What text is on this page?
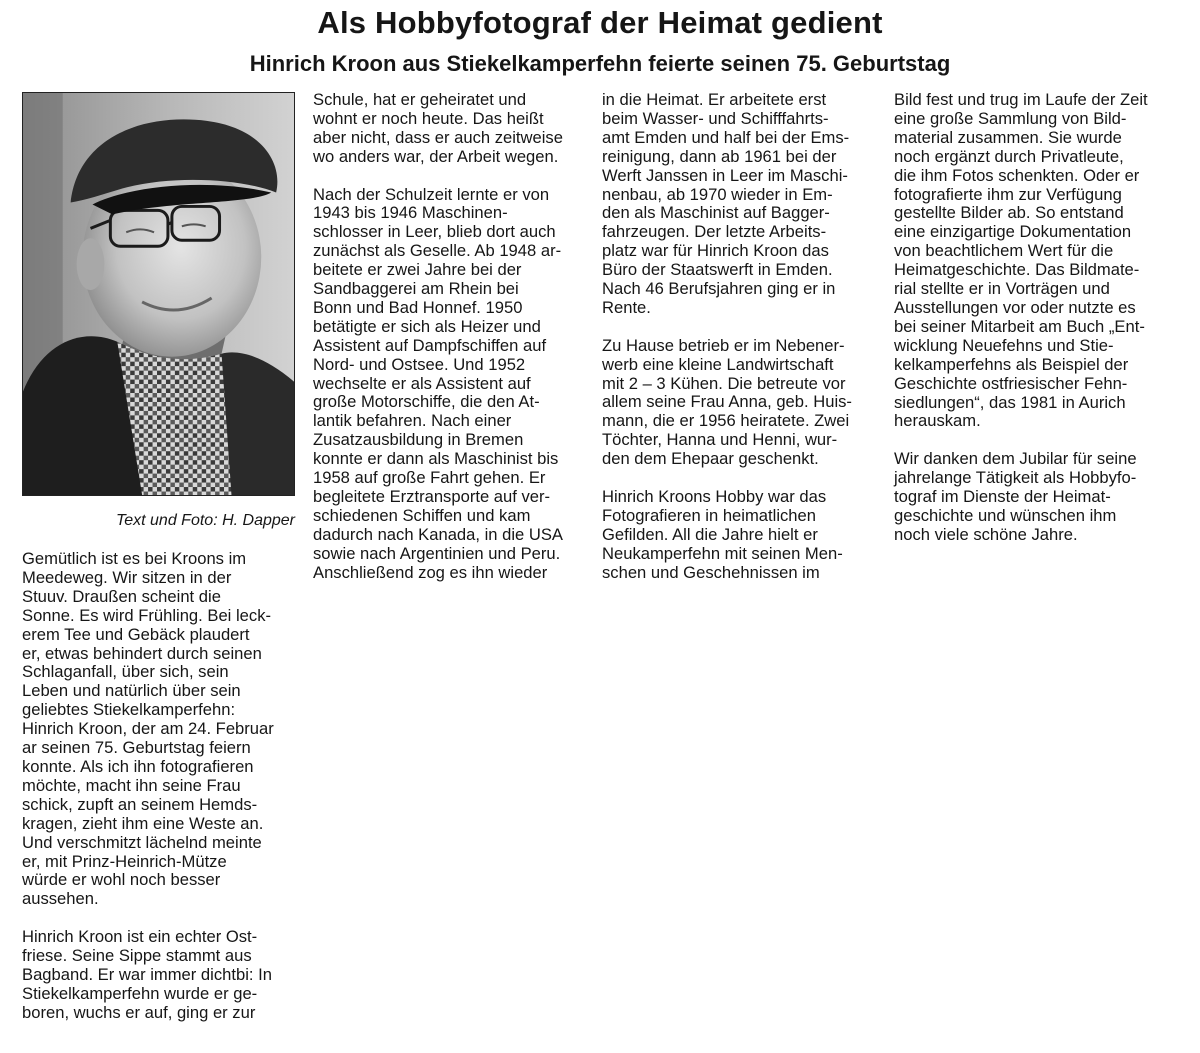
Als Hobbyfotograf der Heimat gedient
Hinrich Kroon aus Stiekelkamperfehn feierte seinen 75. Geburtstag
Text und Foto: H. Dapper

Gemütlich ist es bei Kroons im
Meedeweg. Wir sitzen in der
Stuuv. Draußen scheint die
Sonne. Es wird Frühling. Bei leck-
erem Tee und Gebäck plaudert
er, etwas behindert durch seinen
Schlaganfall, über sich, sein
Leben und natürlich über sein
geliebtes Stiekelkamperfehn:
Hinrich Kroon, der am 24. Februar
ar seinen 75. Geburtstag feiern
konnte. Als ich ihn fotografieren
möchte, macht ihn seine Frau
schick, zupft an seinem Hemds-
kragen, zieht ihm eine Weste an.
Und verschmitzt lächelnd meinte
er, mit Prinz-Heinrich-Mütze
würde er wohl noch besser
aussehen.

Hinrich Kroon ist ein echter Ost-
friese. Seine Sippe stammt aus
Bagband. Er war immer dichtbi: In
Stiekelkamperfehn wurde er ge-
boren, wuchs er auf, ging er zur

Schule, hat er geheiratet und
wohnt er noch heute. Das heißt
aber nicht, dass er auch zeitweise
wo anders war, der Arbeit wegen.

Nach der Schulzeit lernte er von
1943 bis 1946 Maschinen-
schlosser in Leer, blieb dort auch
zunächst als Geselle. Ab 1948 ar-
beitete er zwei Jahre bei der
Sandbaggerei am Rhein bei
Bonn und Bad Honnef. 1950
betätigte er sich als Heizer und
Assistent auf Dampfschiffen auf
Nord- und Ostsee. Und 1952
wechselte er als Assistent auf
große Motorschiffe, die den At-
lantik befahren. Nach einer
Zusatzausbildung in Bremen
konnte er dann als Maschinist bis
1958 auf große Fahrt gehen. Er
begleitete Erztransporte auf ver-
schiedenen Schiffen und kam
dadurch nach Kanada, in die USA
sowie nach Argentinien und Peru.
Anschließend zog es ihn wieder

in die Heimat. Er arbeitete erst
beim Wasser- und Schifffahrts-
amt Emden und half bei der Ems-
reinigung, dann ab 1961 bei der
Werft Janssen in Leer im Maschi-
nenbau, ab 1970 wieder in Em-
den als Maschinist auf Bagger-
fahrzeugen. Der letzte Arbeits-
platz war für Hinrich Kroon das
Büro der Staatswerft in Emden.
Nach 46 Berufsjahren ging er in
Rente.

Zu Hause betrieb er im Nebener-
werb eine kleine Landwirtschaft
mit 2 – 3 Kühen. Die betreute vor
allem seine Frau Anna, geb. Huis-
mann, die er 1956 heiratete. Zwei
Töchter, Hanna und Henni, wur-
den dem Ehepaar geschenkt.

Hinrich Kroons Hobby war das
Fotografieren in heimatlichen
Gefilden. All die Jahre hielt er
Neukamperfehn mit seinen Men-
schen und Geschehnissen im

Bild fest und trug im Laufe der Zeit
eine große Sammlung von Bild-
material zusammen. Sie wurde
noch ergänzt durch Privatleute,
die ihm Fotos schenkten. Oder er
fotografierte ihm zur Verfügung
gestellte Bilder ab. So entstand
eine einzigartige Dokumentation
von beachtlichem Wert für die
Heimatgeschichte. Das Bildmate-
rial stellte er in Vorträgen und
Ausstellungen vor oder nutzte es
bei seiner Mitarbeit am Buch „Ent-
wicklung Neuefehns und Stie-
kelkamperfehns als Beispiel der
Geschichte ostfriesischer Fehn-
siedlungen“, das 1981 in Aurich
herauskam.

Wir danken dem Jubilar für seine
jahrelange Tätigkeit als Hobbyfo-
tograf im Dienste der Heimat-
geschichte und wünschen ihm
noch viele schöne Jahre.
